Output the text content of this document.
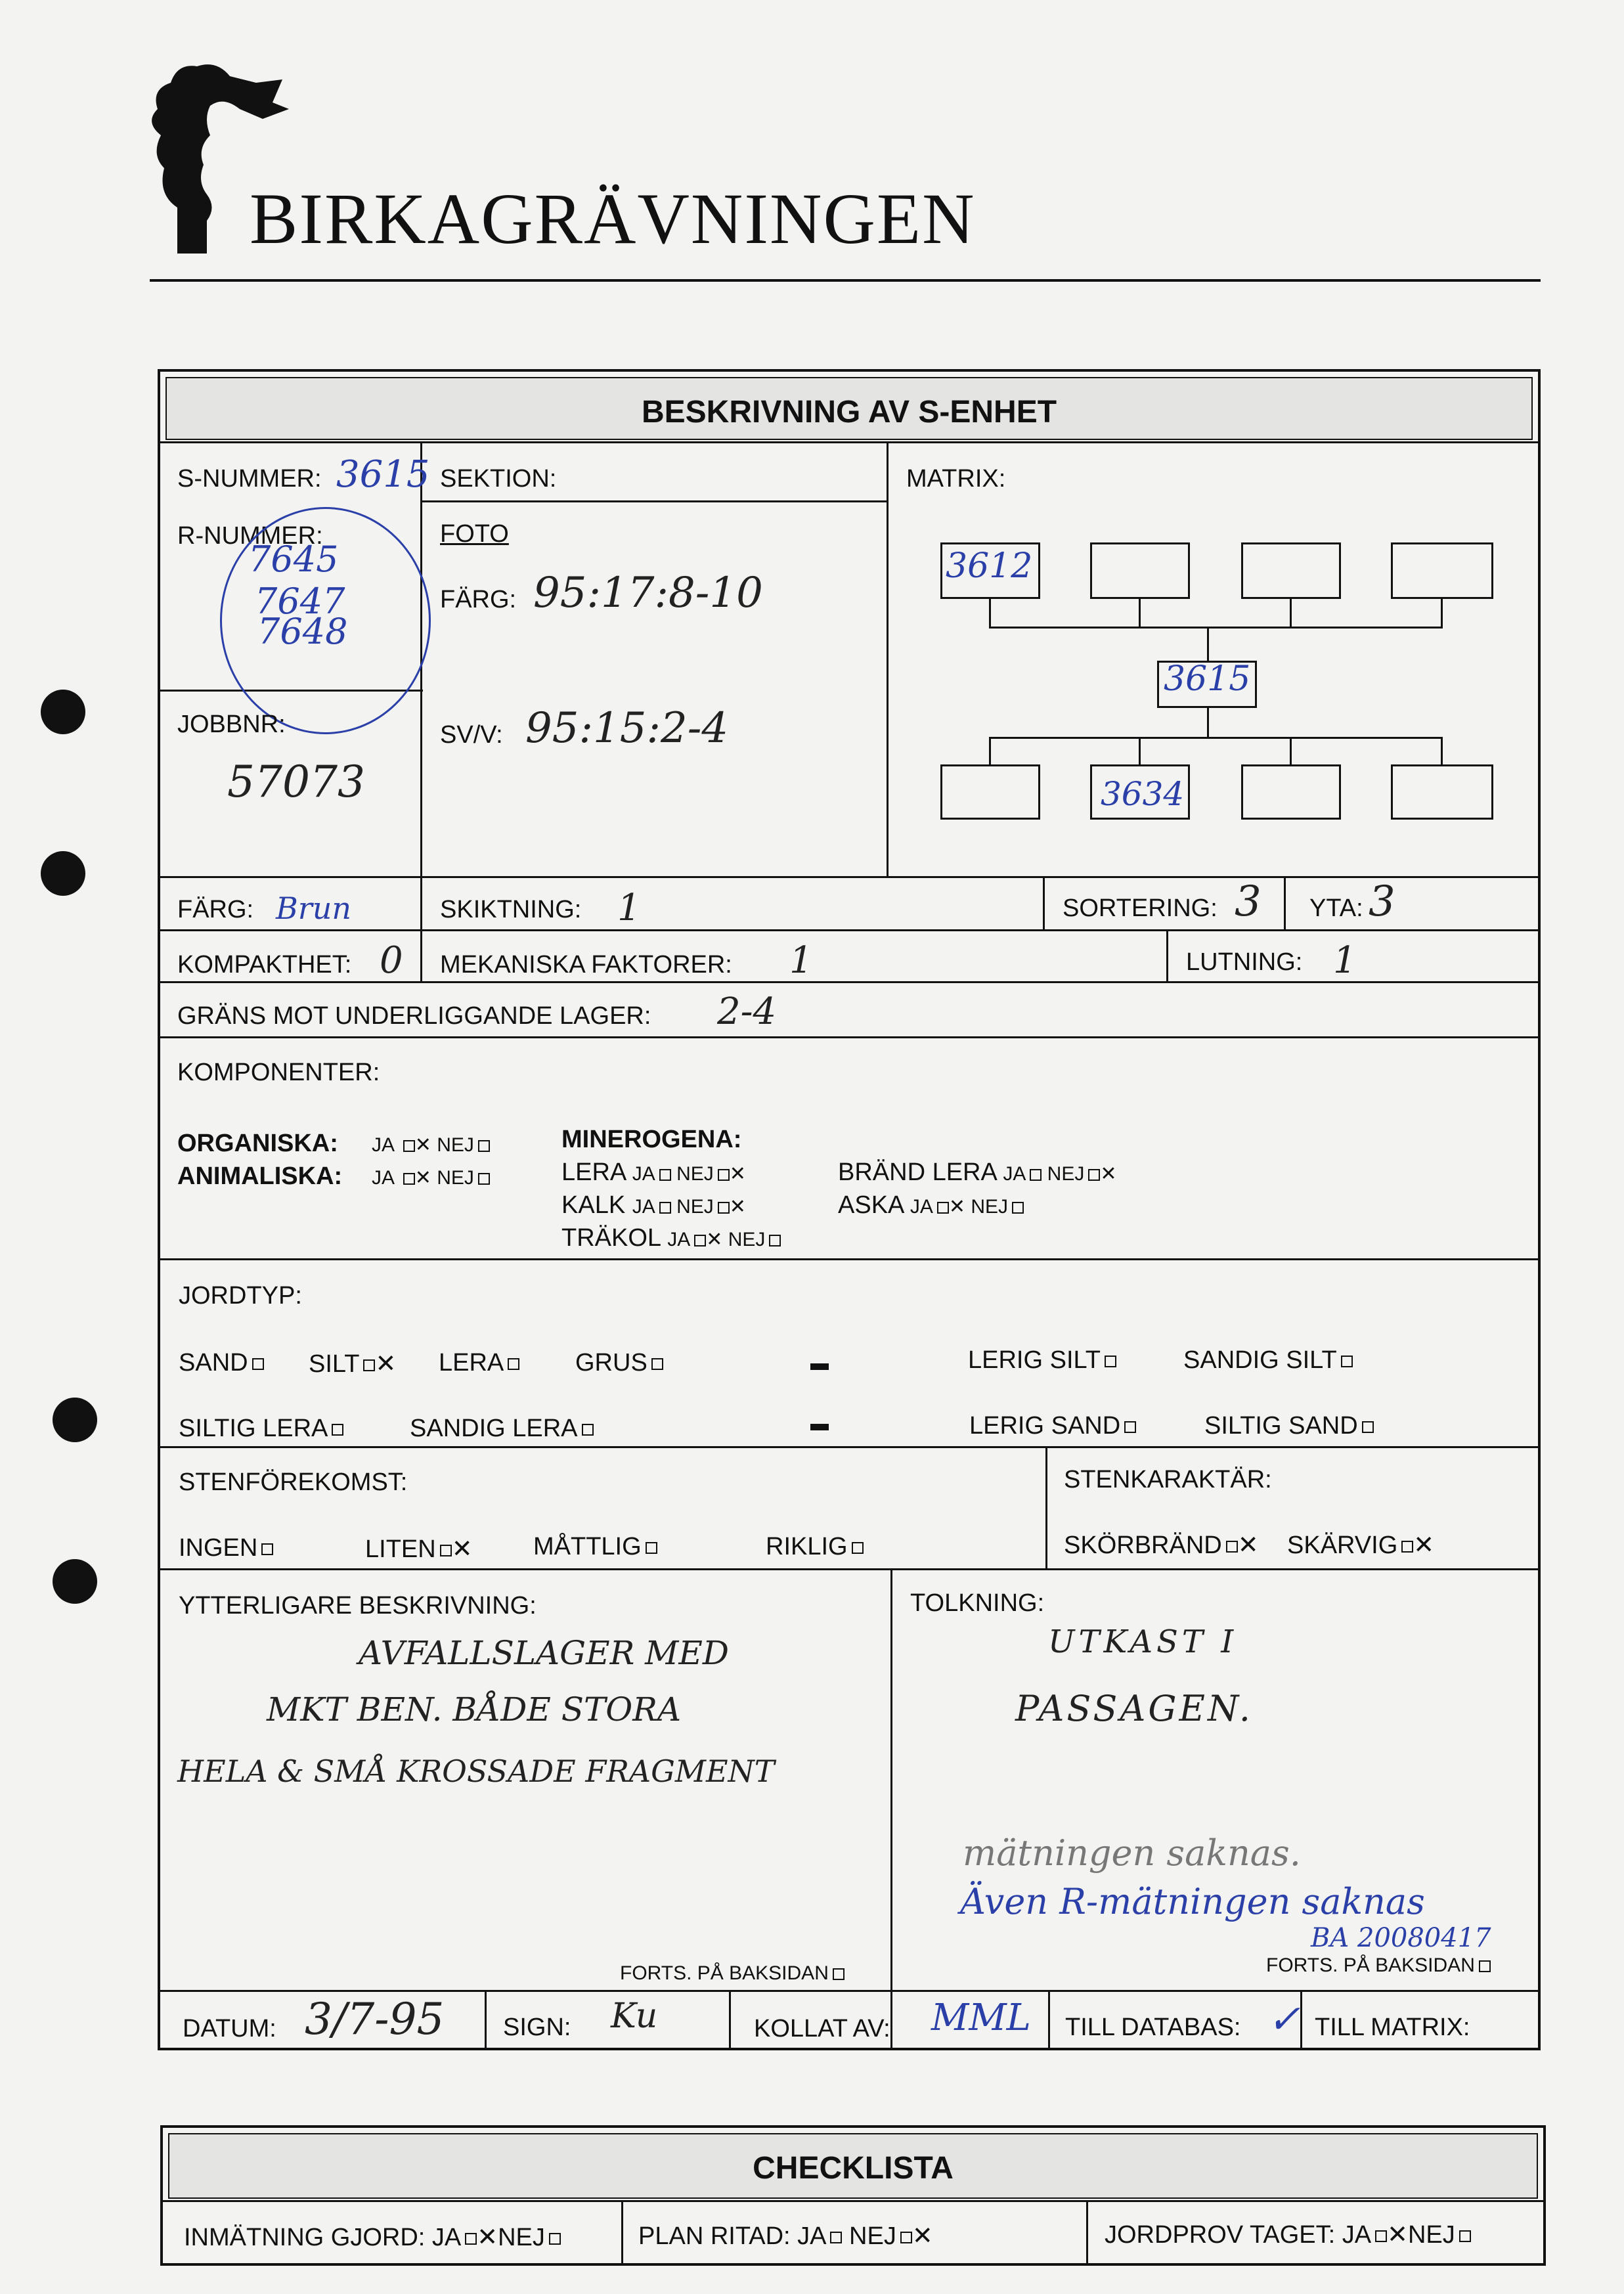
BIRKAGRÄVNINGEN
BESKRIVNING AV S-ENHET
S-NUMMER: 3615 SEKTION:	MATRIX:
R-NUMMER:
7645
7647
7648
FOTO
FÄRG: 95:17:8-10
SV/V: 95:15:2-4
JOBBNR:
57073
3612
3615
3634
FÄRG: Brun	SKIKTNING: 1	SORTERING: 3 YTA: 3
KOMPAKTHET: 0 MEKANISKA FAKTORER: 1	LUTNING: 1
GRÄNS MOT UNDERLIGGANDE LAGER: 2-4
KOMPONENTER:
ORGANISKA: JA ✕ NEJ
ANIMALISKA: JA ✕ NEJ
MINEROGENA:
LERA JA NEJ ✕	BRÄND LERA JA NEJ ✕
KALK JA NEJ ✕	ASKA JA ✕ NEJ
TRÄKOL JA ✕ NEJ
JORDTYP:
SAND	SILT ✕ LERA	GRUS	LERIG SILT	SANDIG SILT
SILTIG LERA	SANDIG LERA	LERIG SAND	SILTIG SAND
STENFÖREKOMST:
INGEN	LITEN ✕ MÅTTLIG	RIKLIG
STENKARAKTÄR:
SKÖRBRÄND ✕ SKÄRVIG ✕
YTTERLIGARE BESKRIVNING:
AVFALLSLAGER MED
MKT BEN. BÅDE STORA
HELA & SMÅ KROSSADE FRAGMENT
FORTS. PÅ BAKSIDAN
TOLKNING:
UTKAST I
PASSAGEN.
mätningen saknas.
Även R-mätningen saknas
BA 20080417
FORTS. PÅ BAKSIDAN
DATUM: 3/7-95 SIGN: Ku	KOLLAT AV: MML TILL DATABAS: ✓ TILL MATRIX:
CHECKLISTA
INMÄTNING GJORD: JA ✕NEJ	PLAN RITAD: JA NEJ ✕	JORDPROV TAGET: JA ✕NEJ
